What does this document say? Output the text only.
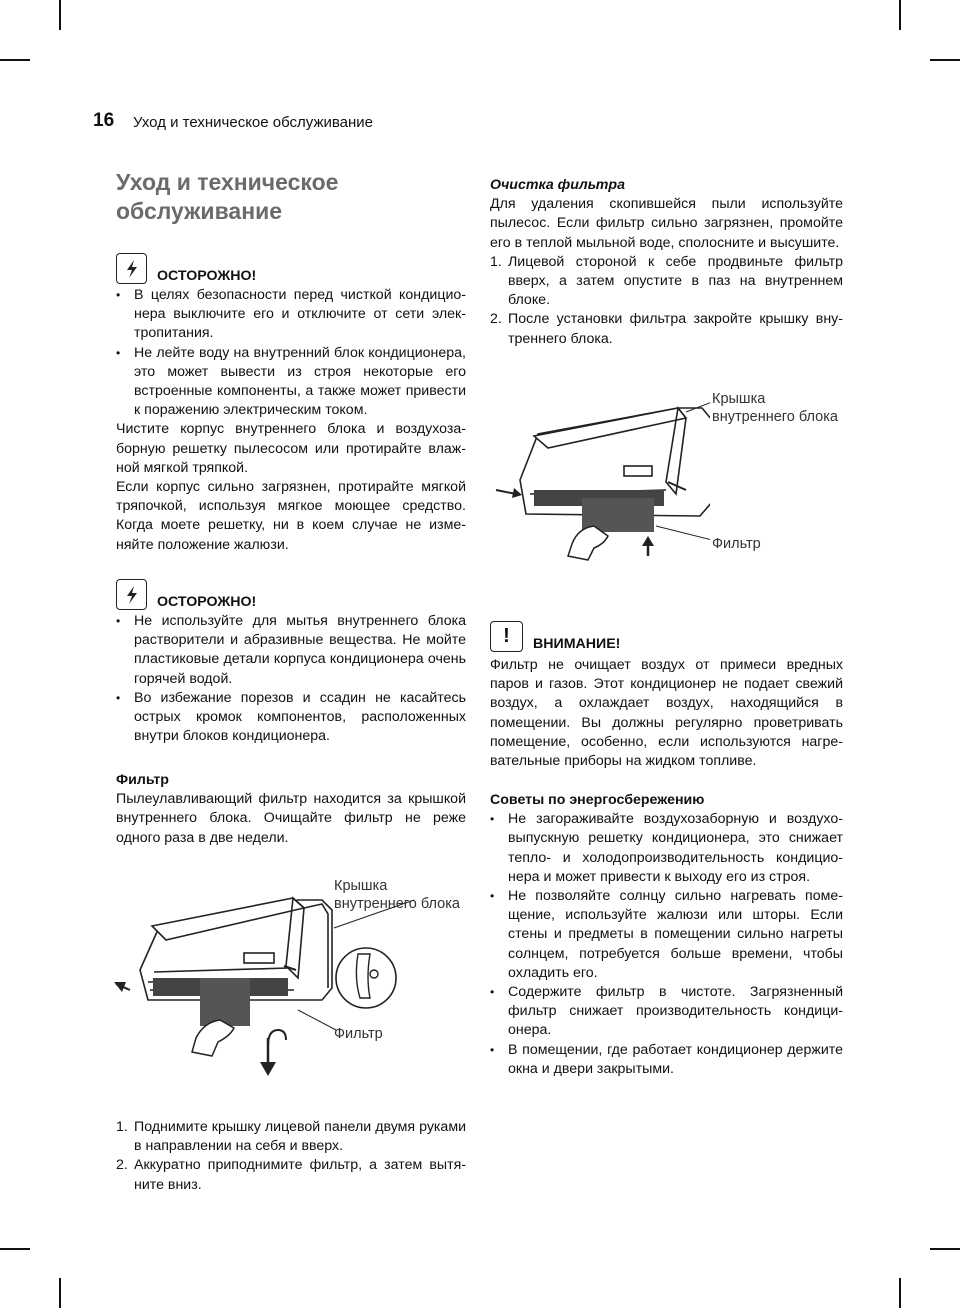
16 Уход и техническое обслуживание
Уход и техническое
обслуживание
ОСТОРОЖНО!
• В целях безопасности перед чисткой кондиционера выключите его и отключите от сети электропитания.
• Не лейте воду на внутренний блок кондиционера, это может вывести из строя некоторые его встроенные компоненты, а также может привести к поражению электрическим током.

Чистите корпус внутреннего блока и воздухозаборную решетку пылесосом или протирайте влажной мягкой тряпкой.

Если корпус сильно загрязнен, протирайте мягкой тряпочкой, используя мягкое моющее средство. Когда моете решетку, ни в коем случае не изменяйте положение жалюзи.

ОСТОРОЖНО!
• Не используйте для мытья внутреннего блока растворители и абразивные вещества. Не мойте пластиковые детали корпуса кондиционера очень горячей водой.
• Во избежание порезов и ссадин не касайтесь острых кромок компонентов, расположенных внутри блоков кондиционера.
Фильтр
Пылеулавливающий фильтр находится за крышкой внутреннего блока. Очищайте фильтр не реже одного раза в две недели.
Крышка
внутреннего блока
Фильтр
1. Поднимите крышку лицевой панели двумя руками в направлении на себя и вверх.
2. Аккуратно приподнимите фильтр, а затем вытяните вниз.
Очистка фильтра
Для удаления скопившейся пыли используйте пылесос. Если фильтр сильно загрязнен, промойте его в теплой мыльной воде, сполосните и высушите.
1. Лицевой стороной к себе продвиньте фильтр вверх, а затем опустите в паз на внутреннем блоке.
2. После установки фильтра закройте крышку внутреннего блока.
Крышка
внутреннего блока
Фильтр
!	ВНИМАНИЕ!
Фильтр не очищает воздух от примеси вредных паров и газов. Этот кондиционер не подает свежий воздух, а охлаждает воздух, находящийся в помещении. Вы должны регулярно проветривать помещение, особенно, если используются нагревательные приборы на жидком топливе.
Советы по энергосбережению
• Не загораживайте воздухозаборную и воздуховыпускную решетку кондиционера, это снижает тепло- и холодопроизводительность кондиционера и может привести к выходу его из строя.
• Не позволяйте солнцу сильно нагревать помещение, используйте жалюзи или шторы. Если стены и предметы в помещении сильно нагреты солнцем, потребуется больше времени, чтобы охладить его.
• Содержите фильтр в чистоте. Загрязненный фильтр снижает производительность кондиционера.
• В помещении, где работает кондиционер держите окна и двери закрытыми.
